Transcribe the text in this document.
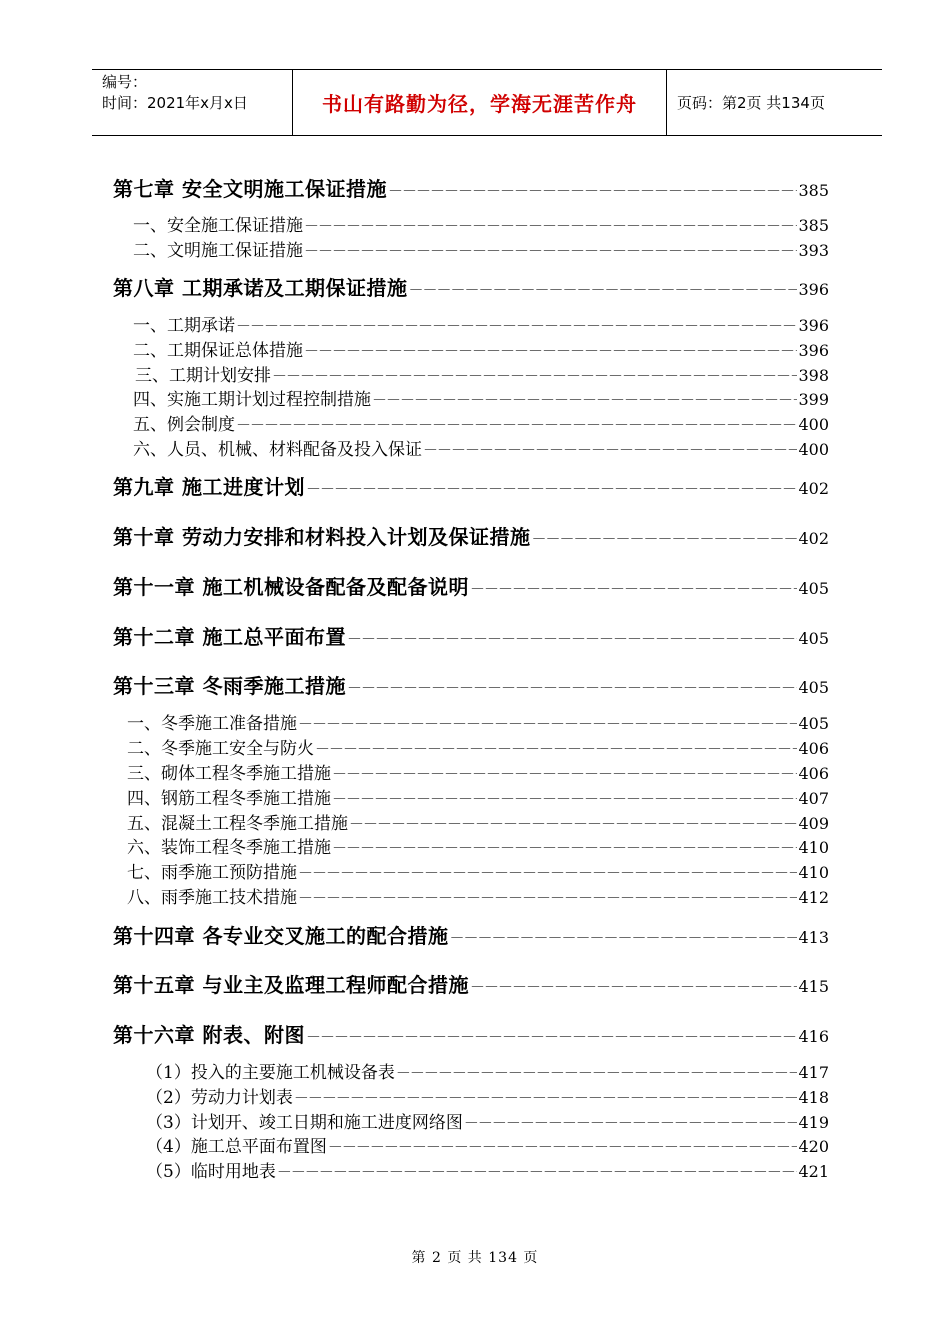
编号：
时间：2021年x月x日	书山有路勤为径，学海无涯苦作舟	页码：第2页 共134页
第七章 安全文明施工保证措施 －－－－－－－－－－－－－－－－－－－－－－－－－－－－－－－－－－－－－－－－－－－－－－－－－－－－－－－－－－－－－－－－	385
一、安全施工保证措施 －－－－－－－－－－－－－－－－－－－－－－－－－－－－－－－－－－－－－－－－－－－－－－－－－－－－－－－－－－－－－－－－	385
二、文明施工保证措施 －－－－－－－－－－－－－－－－－－－－－－－－－－－－－－－－－－－－－－－－－－－－－－－－－－－－－－－－－－－－－－－－	393
第八章 工期承诺及工期保证措施 －－－－－－－－－－－－－－－－－－－－－－－－－－－－－－－－－－－－－－－－－－－－－－－－－－－－－－－－－－－－－－－－	396
一、工期承诺 －－－－－－－－－－－－－－－－－－－－－－－－－－－－－－－－－－－－－－－－－－－－－－－－－－－－－－－－－－－－－－－－	396
二、工期保证总体措施 －－－－－－－－－－－－－－－－－－－－－－－－－－－－－－－－－－－－－－－－－－－－－－－－－－－－－－－－－－－－－－－－	396
三、工期计划安排 －－－－－－－－－－－－－－－－－－－－－－－－－－－－－－－－－－－－－－－－－－－－－－－－－－－－－－－－－－－－－－－－	398
四、实施工期计划过程控制措施 －－－－－－－－－－－－－－－－－－－－－－－－－－－－－－－－－－－－－－－－－－－－－－－－－－－－－－－－－－－－－－－－	399
五、例会制度 －－－－－－－－－－－－－－－－－－－－－－－－－－－－－－－－－－－－－－－－－－－－－－－－－－－－－－－－－－－－－－－－	400
六、人员、机械、材料配备及投入保证 －－－－－－－－－－－－－－－－－－－－－－－－－－－－－－－－－－－－－－－－－－－－－－－－－－－－－－－－－－－－－－－－	400
第九章 施工进度计划 －－－－－－－－－－－－－－－－－－－－－－－－－－－－－－－－－－－－－－－－－－－－－－－－－－－－－－－－－－－－－－－－	402
第十章 劳动力安排和材料投入计划及保证措施 －－－－－－－－－－－－－－－－－－－－－－－－－－－－－－－－－－－－－－－－－－－－－－－－－－－－－－－－－－－－－－－－	402
第十一章 施工机械设备配备及配备说明 －－－－－－－－－－－－－－－－－－－－－－－－－－－－－－－－－－－－－－－－－－－－－－－－－－－－－－－－－－－－－－－－	405
第十二章 施工总平面布置 －－－－－－－－－－－－－－－－－－－－－－－－－－－－－－－－－－－－－－－－－－－－－－－－－－－－－－－－－－－－－－－－	405
第十三章 冬雨季施工措施 －－－－－－－－－－－－－－－－－－－－－－－－－－－－－－－－－－－－－－－－－－－－－－－－－－－－－－－－－－－－－－－－	405
一、冬季施工准备措施 －－－－－－－－－－－－－－－－－－－－－－－－－－－－－－－－－－－－－－－－－－－－－－－－－－－－－－－－－－－－－－－－	405
二、冬季施工安全与防火 －－－－－－－－－－－－－－－－－－－－－－－－－－－－－－－－－－－－－－－－－－－－－－－－－－－－－－－－－－－－－－－－	406
三、砌体工程冬季施工措施 －－－－－－－－－－－－－－－－－－－－－－－－－－－－－－－－－－－－－－－－－－－－－－－－－－－－－－－－－－－－－－－－	406
四、钢筋工程冬季施工措施 －－－－－－－－－－－－－－－－－－－－－－－－－－－－－－－－－－－－－－－－－－－－－－－－－－－－－－－－－－－－－－－－	407
五、混凝土工程冬季施工措施 －－－－－－－－－－－－－－－－－－－－－－－－－－－－－－－－－－－－－－－－－－－－－－－－－－－－－－－－－－－－－－－－	409
六、装饰工程冬季施工措施 －－－－－－－－－－－－－－－－－－－－－－－－－－－－－－－－－－－－－－－－－－－－－－－－－－－－－－－－－－－－－－－－	410
七、雨季施工预防措施 －－－－－－－－－－－－－－－－－－－－－－－－－－－－－－－－－－－－－－－－－－－－－－－－－－－－－－－－－－－－－－－－	410
八、雨季施工技术措施 －－－－－－－－－－－－－－－－－－－－－－－－－－－－－－－－－－－－－－－－－－－－－－－－－－－－－－－－－－－－－－－－	412
第十四章 各专业交叉施工的配合措施 －－－－－－－－－－－－－－－－－－－－－－－－－－－－－－－－－－－－－－－－－－－－－－－－－－－－－－－－－－－－－－－－	413
第十五章 与业主及监理工程师配合措施 －－－－－－－－－－－－－－－－－－－－－－－－－－－－－－－－－－－－－－－－－－－－－－－－－－－－－－－－－－－－－－－－	415
第十六章 附表、附图 －－－－－－－－－－－－－－－－－－－－－－－－－－－－－－－－－－－－－－－－－－－－－－－－－－－－－－－－－－－－－－－－	416
（1）投入的主要施工机械设备表 －－－－－－－－－－－－－－－－－－－－－－－－－－－－－－－－－－－－－－－－－－－－－－－－－－－－－－－－－－－－－－－－	417
（2）劳动力计划表 －－－－－－－－－－－－－－－－－－－－－－－－－－－－－－－－－－－－－－－－－－－－－－－－－－－－－－－－－－－－－－－－	418
（3）计划开、竣工日期和施工进度网络图 －－－－－－－－－－－－－－－－－－－－－－－－－－－－－－－－－－－－－－－－－－－－－－－－－－－－－－－－－－－－－－－－	419
（4）施工总平面布置图 －－－－－－－－－－－－－－－－－－－－－－－－－－－－－－－－－－－－－－－－－－－－－－－－－－－－－－－－－－－－－－－－	420
（5）临时用地表 －－－－－－－－－－－－－－－－－－－－－－－－－－－－－－－－－－－－－－－－－－－－－－－－－－－－－－－－－－－－－－－－	421
第 2 页 共 134 页
